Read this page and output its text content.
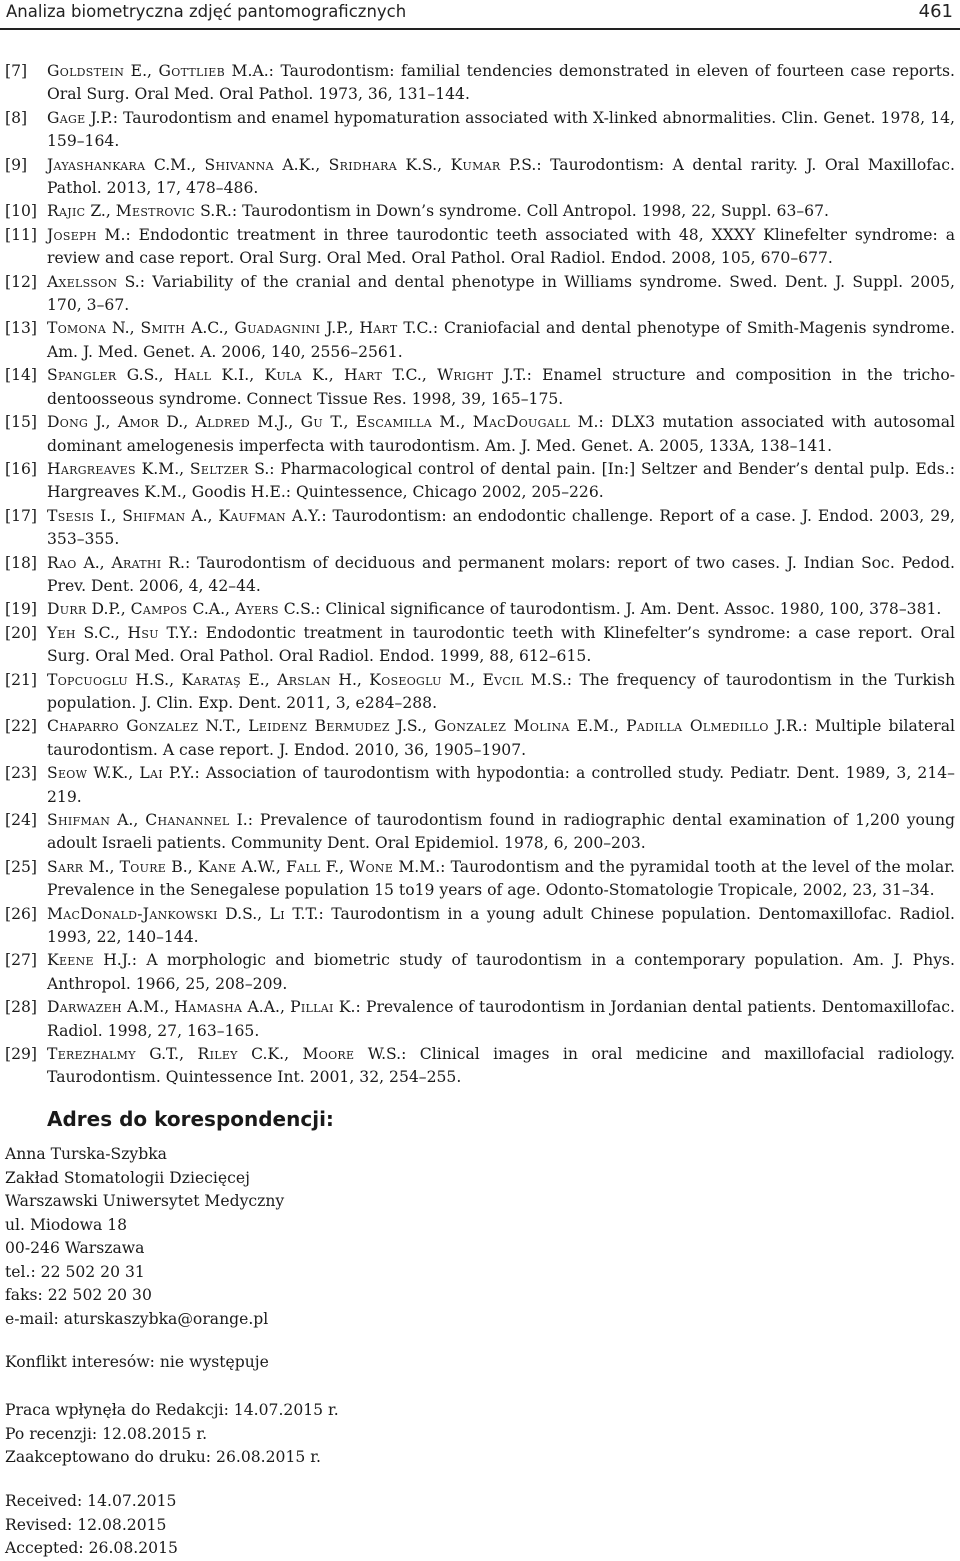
Analiza biometryczna zdjęć pantomograficznych	461
[7]	Goldstein E., Gottlieb M.A.: Taurodontism: familial tendencies demonstrated in eleven of fourteen case reports. Oral Surg. Oral Med. Oral Pathol. 1973, 36, 131–144.
[8]	Gage J.P.: Taurodontism and enamel hypomaturation associated with X-linked abnormalities. Clin. Genet. 1978, 14, 159–164.
[9]	Jayashankara C.M., Shivanna A.K., Sridhara K.S., Kumar P.S.: Taurodontism: A dental rarity. J. Oral Maxillofac. Pathol. 2013, 17, 478–486.
[10] Rajic Z., Mestrovic S.R.: Taurodontism in Down’s syndrome. Coll Antropol. 1998, 22, Suppl. 63–67.
[11] Joseph M.: Endodontic treatment in three taurodontic teeth associated with 48, XXXY Klinefelter syndrome: a review and case report. Oral Surg. Oral Med. Oral Pathol. Oral Radiol. Endod. 2008, 105, 670–677.
[12] Axelsson S.: Variability of the cranial and dental phenotype in Williams syndrome. Swed. Dent. J. Suppl. 2005, 170, 3–67.
[13] Tomona N., Smith A.C., Guadagnini J.P., Hart T.C.: Craniofacial and dental phenotype of Smith-Magenis syndrome. Am. J. Med. Genet. A. 2006, 140, 2556–2561.
[14] Spangler G.S., Hall K.I., Kula K., Hart T.C., Wright J.T.: Enamel structure and composition in the tricho-dentoosseous syndrome. Connect Tissue Res. 1998, 39, 165–175.
[15] Dong J., Amor D., Aldred M.J., Gu T., Escamilla M., MacDougall M.: DLX3 mutation associated with autosomal dominant amelogenesis imperfecta with taurodontism. Am. J. Med. Genet. A. 2005, 133A, 138–141.
[16] Hargreaves K.M., Seltzer S.: Pharmacological control of dental pain. [In:] Seltzer and Bender’s dental pulp. Eds.: Hargreaves K.M., Goodis H.E.: Quintessence, Chicago 2002, 205–226.
[17] Tsesis I., Shifman A., Kaufman A.Y.: Taurodontism: an endodontic challenge. Report of a case. J. Endod. 2003, 29, 353–355.
[18] Rao A., Arathi R.: Taurodontism of deciduous and permanent molars: report of two cases. J. Indian Soc. Pedod. Prev. Dent. 2006, 4, 42–44.
[19] Durr D.P., Campos C.A., Ayers C.S.: Clinical significance of taurodontism. J. Am. Dent. Assoc. 1980, 100, 378–381.
[20] Yeh S.C., Hsu T.Y.: Endodontic treatment in taurodontic teeth with Klinefelter’s syndrome: a case report. Oral Surg. Oral Med. Oral Pathol. Oral Radiol. Endod. 1999, 88, 612–615.
[21] Topcuoglu H.S., Karataş E., Arslan H., Koseoglu M., Evcil M.S.: The frequency of taurodontism in the Turkish population. J. Clin. Exp. Dent. 2011, 3, e284–288.
[22] Chaparro Gonzalez N.T., Leidenz Bermudez J.S., Gonzalez Molina E.M., Padilla Olmedillo J.R.: Multiple bilateral taurodontism. A case report. J. Endod. 2010, 36, 1905–1907.
[23] Seow W.K., Lai P.Y.: Association of taurodontism with hypodontia: a controlled study. Pediatr. Dent. 1989, 3, 214–219.
[24] Shifman A., Chanannel I.: Prevalence of taurodontism found in radiographic dental examination of 1,200 young adoult Israeli patients. Community Dent. Oral Epidemiol. 1978, 6, 200–203.
[25] Sarr M., Toure B., Kane A.W., Fall F., Wone M.M.: Taurodontism and the pyramidal tooth at the level of the molar. Prevalence in the Senegalese population 15 to19 years of age. Odonto-Stomatologie Tropicale, 2002, 23, 31–34.
[26] MacDonald-Jankowski D.S., Li T.T.: Taurodontism in a young adult Chinese population. Dentomaxillofac. Radiol. 1993, 22, 140–144.
[27] Keene H.J.: A morphologic and biometric study of taurodontism in a contemporary population. Am. J. Phys. Anthropol. 1966, 25, 208–209.
[28] Darwazeh A.M., Hamasha A.A., Pillai K.: Prevalence of taurodontism in Jordanian dental patients. Dentomaxillofac. Radiol. 1998, 27, 163–165.
[29] Terezhalmy G.T., Riley C.K., Moore W.S.: Clinical images in oral medicine and maxillofacial radiology. Taurodontism. Quintessence Int. 2001, 32, 254–255.
Adres do korespondencji:
Anna Turska-Szybka
Zakład Stomatologii Dziecięcej
Warszawski Uniwersytet Medyczny
ul. Miodowa 18
00-246 Warszawa
tel.: 22 502 20 31
faks: 22 502 20 30
e-mail: aturskaszybka@orange.pl
Konflikt interesów: nie występuje
Praca wpłynęła do Redakcji: 14.07.2015 r.
Po recenzji: 12.08.2015 r.
Zaakceptowano do druku: 26.08.2015 r.
Received: 14.07.2015
Revised: 12.08.2015
Accepted: 26.08.2015
